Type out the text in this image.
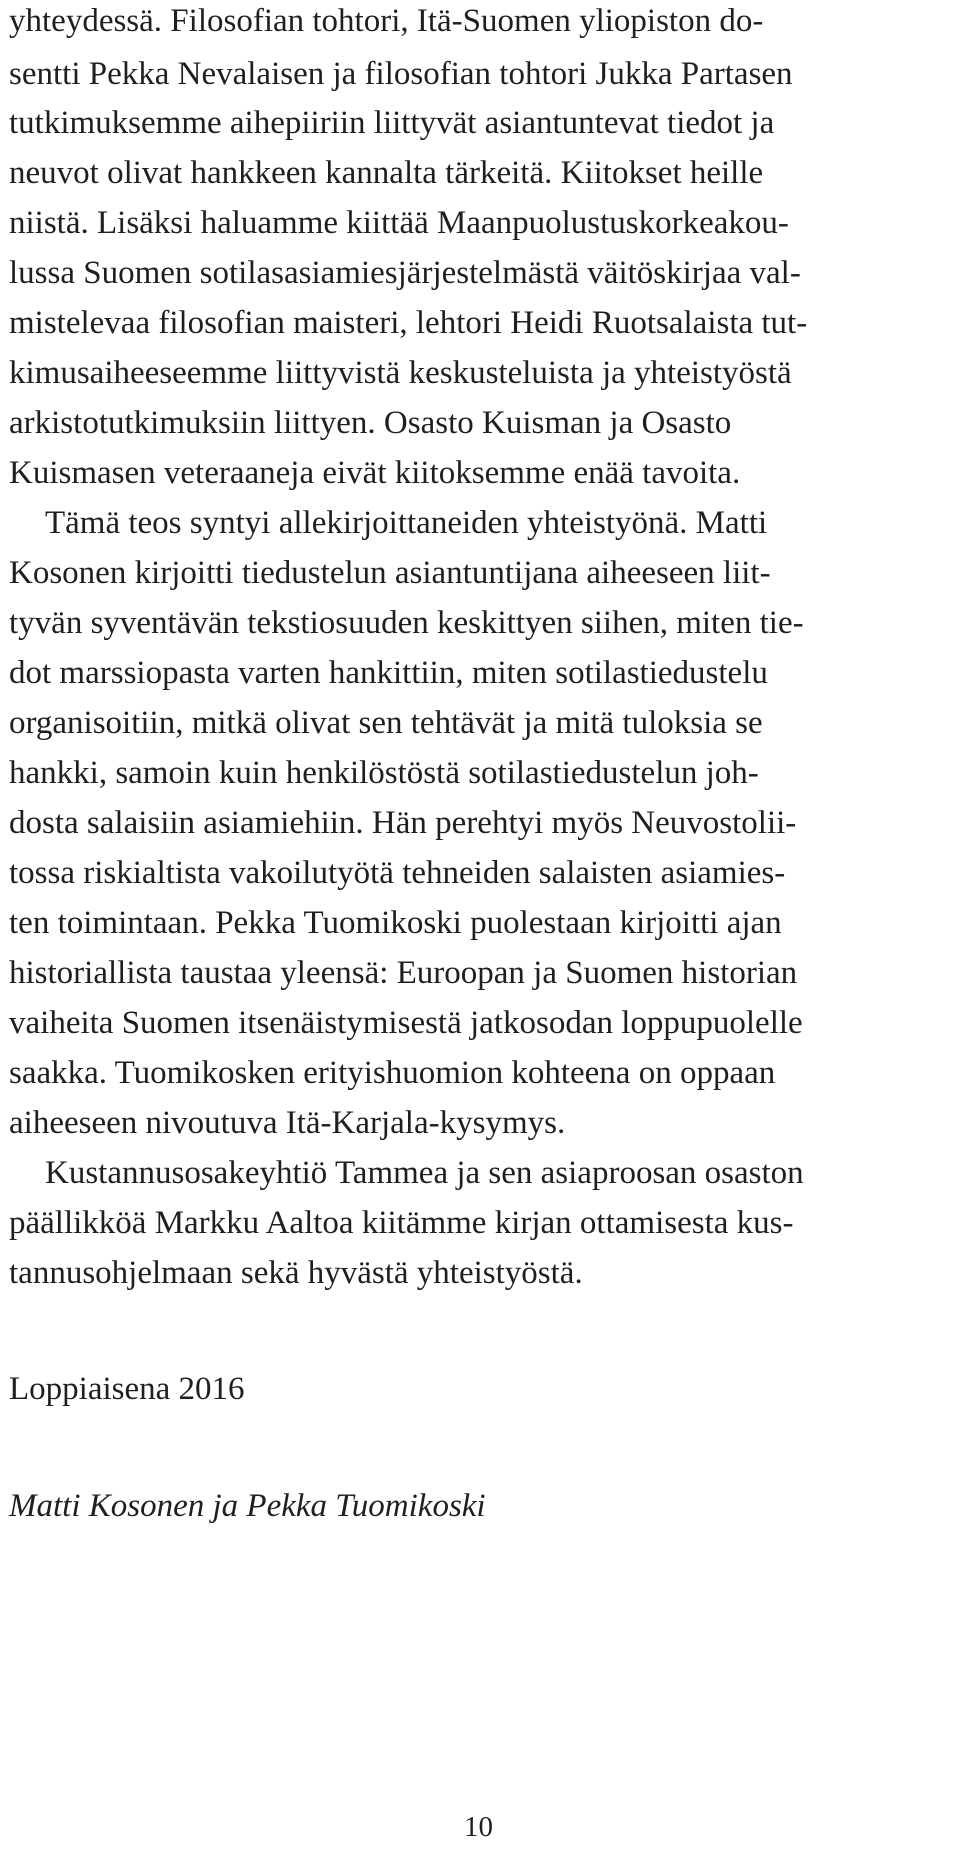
yhteydessä. Filosofian tohtori, Itä-Suomen yliopiston do-
sentti Pekka Nevalaisen ja filosofian tohtori Jukka Partasen
tutkimuksemme aihepiiriin liittyvät asiantuntevat tiedot ja
neuvot olivat hankkeen kannalta tärkeitä. Kiitokset heille
niistä. Lisäksi haluamme kiittää Maanpuolustuskorkeakou-
lussa Suomen sotilasasiamiesjärjestelmästä väitöskirjaa val-
mistelevaa filosofian maisteri, lehtori Heidi Ruotsalaista tut-
kimusaiheeseemme liittyvistä keskusteluista ja yhteistyöstä
arkistotutkimuksiin liittyen. Osasto Kuisman ja Osasto
Kuismasen veteraaneja eivät kiitoksemme enää tavoita.
Tämä teos syntyi allekirjoittaneiden yhteistyönä. Matti
Kosonen kirjoitti tiedustelun asiantuntijana aiheeseen liit-
tyvän syventävän tekstiosuuden keskittyen siihen, miten tie-
dot marssiopasta varten hankittiin, miten sotilastiedustelu
organisoitiin, mitkä olivat sen tehtävät ja mitä tuloksia se
hankki, samoin kuin henkilöstöstä sotilastiedustelun joh-
dosta salaisiin asiamiehiin. Hän perehtyi myös Neuvostolii-
tossa riskialtista vakoilutyötä tehneiden salaisten asiamies-
ten toimintaan. Pekka Tuomikoski puolestaan kirjoitti ajan
historiallista taustaa yleensä: Euroopan ja Suomen historian
vaiheita Suomen itsenäistymisestä jatkosodan loppupuolelle
saakka. Tuomikosken erityishuomion kohteena on oppaan
aiheeseen nivoutuva Itä-Karjala-kysymys.
Kustannusosakeyhtiö Tammea ja sen asiaproosan osaston
päällikköä Markku Aaltoa kiitämme kirjan ottamisesta kus-
tannusohjelmaan sekä hyvästä yhteistyöstä.
Loppiaisena 2016
Matti Kosonen ja Pekka Tuomikoski
10
